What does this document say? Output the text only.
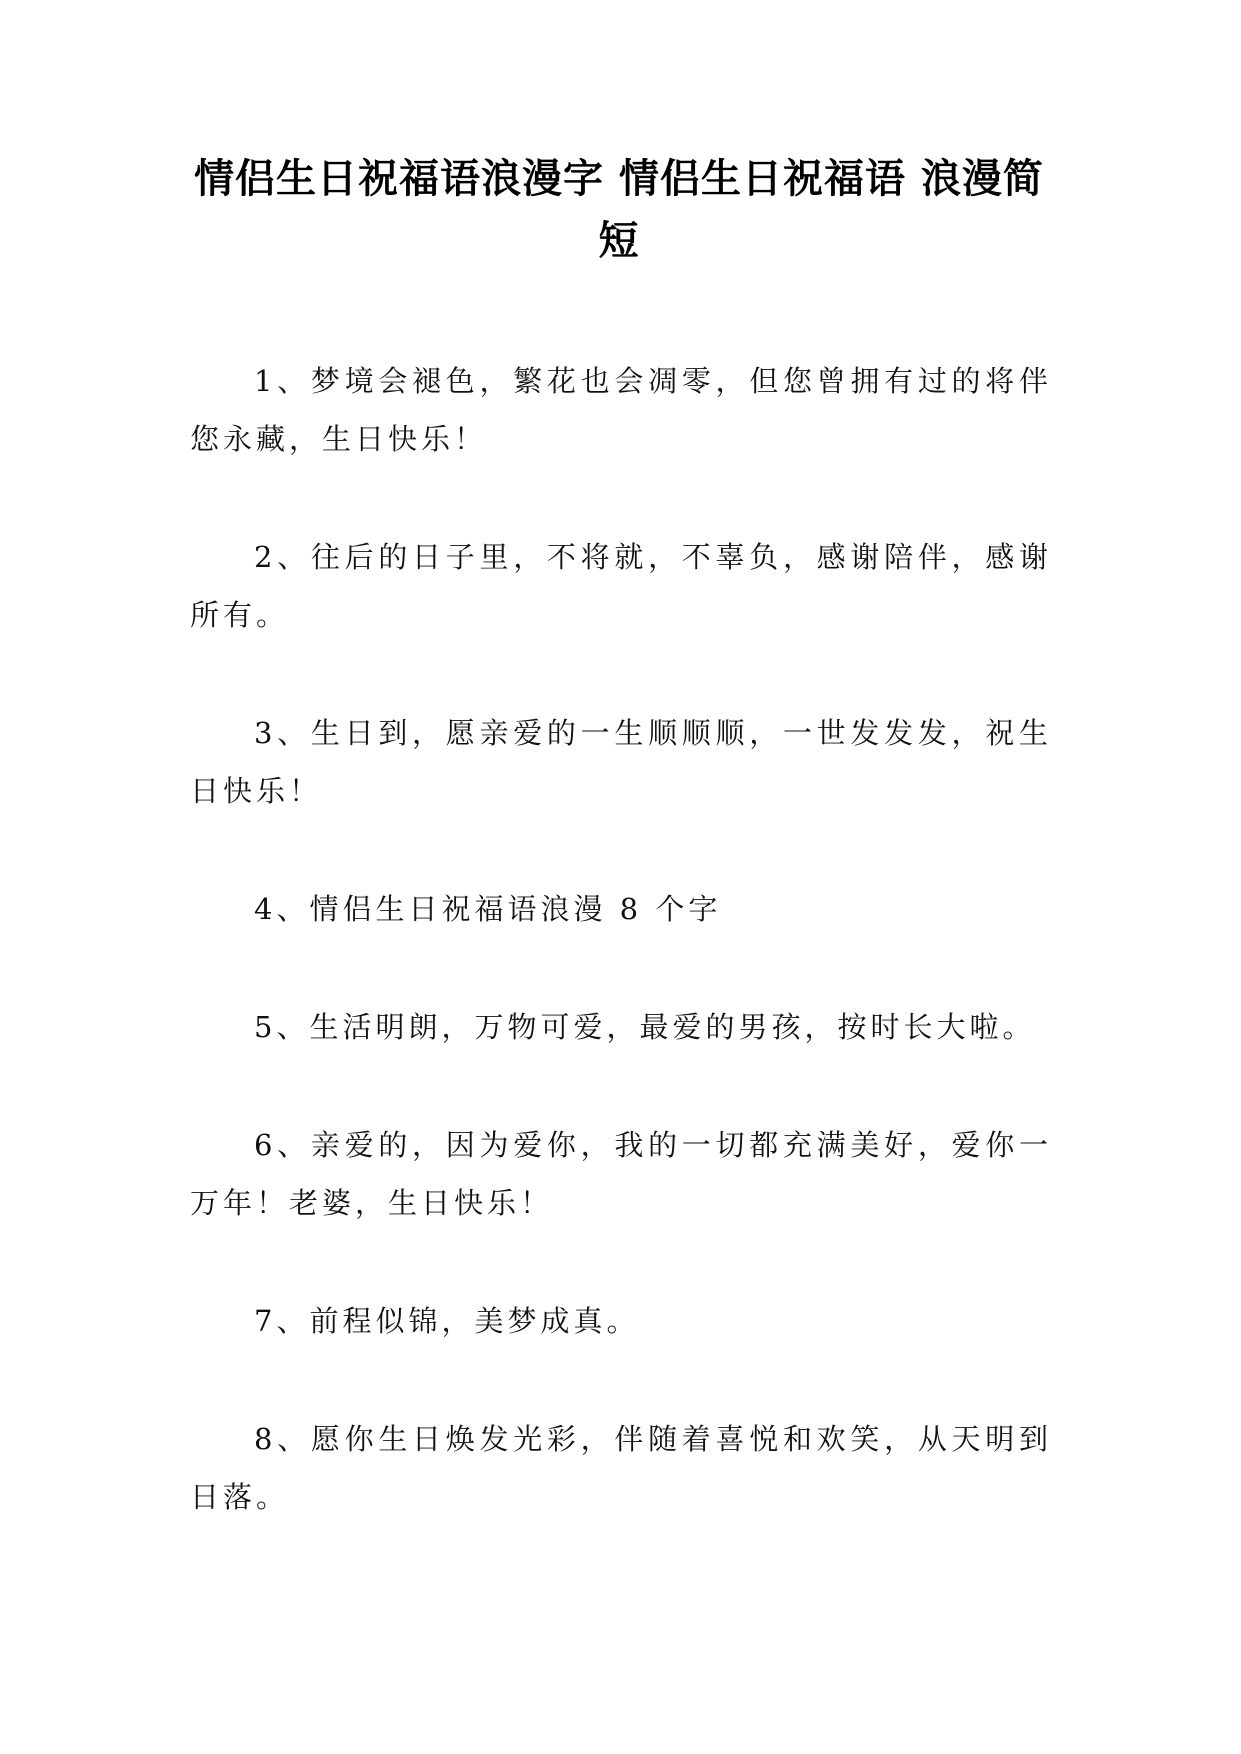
情侣生日祝福语浪漫字 情侣生日祝福语 浪漫简短

1、梦境会褪色，繁花也会凋零，但您曾拥有过的将伴您永藏，生日快乐！

2、往后的日子里，不将就，不辜负，感谢陪伴，感谢所有。

3、生日到，愿亲爱的一生顺顺顺，一世发发发，祝生日快乐！

4、情侣生日祝福语浪漫 8 个字

5、生活明朗，万物可爱，最爱的男孩，按时长大啦。

6、亲爱的，因为爱你，我的一切都充满美好，爱你一万年！老婆，生日快乐！

7、前程似锦，美梦成真。

8、愿你生日焕发光彩，伴随着喜悦和欢笑，从天明到日落。
